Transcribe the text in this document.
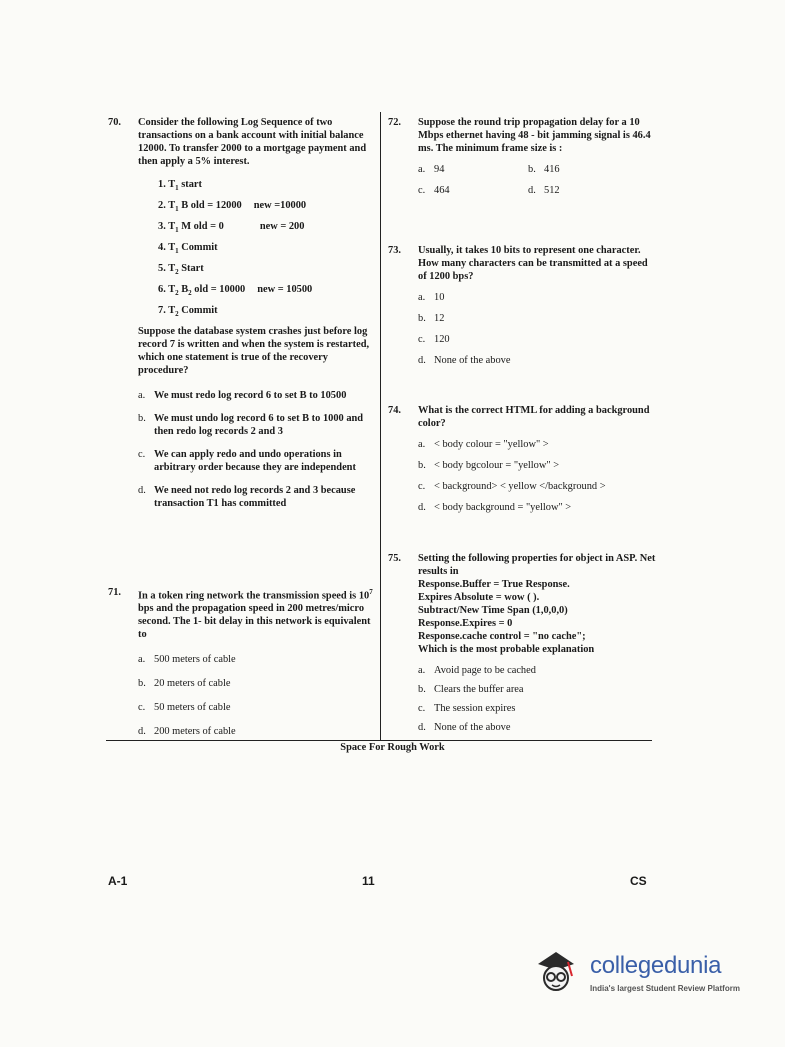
70. Consider the following Log Sequence of two transactions on a bank account with initial balance 12000. To transfer 2000 to a mortgage payment and then apply a 5% interest.
1. $T_1$ start
2. $T_1$ B old = 12000 new =10000
3. $T_1$ M old = 0	new = 200
4. $T_1$ Commit
5. $T_2$ Start
6. $T_2$ $B_2$ old = 10000 new = 10500
7. $T_2$ Commit
Suppose the database system crashes just before log record 7 is written and when the system is restarted, which one statement is true of the recovery procedure?
a. We must redo log record 6 to set B to 10500
b. We must undo log record 6 to set B to 1000 and then redo log records 2 and 3
c. We can apply redo and undo operations in arbitrary order because they are independent
d. We need not redo log records 2 and 3 because transaction T1 has committed
71. In a token ring network the transmission speed is $10^7$ bps and the propagation speed in 200 metres/micro second. The 1- bit delay in this network is equivalent to
a. 500 meters of cable
b. 20 meters of cable
c. 50 meters of cable
d. 200 meters of cable
72. Suppose the round trip propagation delay for a 10 Mbps ethernet having 48 - bit jamming signal is 46.4 ms. The minimum frame size is :
a. 94	b. 416
c. 464	d. 512
73. Usually, it takes 10 bits to represent one character. How many characters can be transmitted at a speed of 1200 bps?
a. 10
b. 12
c. 120
d. None of the above
74. What is the correct HTML for adding a background color?
a. < body colour = "yellow" >
b. < body bgcolour = "yellow" >
c. < background> < yellow </background >
d. < body background = "yellow" >
75. Setting the following properties for object in ASP. Net results in
Response.Buffer = True Response.
Expires Absolute = wow ( ).
Subtract/New Time Span (1,0,0,0)
Response.Expires = 0
Response.cache control = "no cache";
Which is the most probable explanation
a. Avoid page to be cached
b. Clears the buffer area
c. The session expires
d. None of the above
Space For Rough Work
A-1	11	CS
collegedunia
India's largest Student Review Platform
